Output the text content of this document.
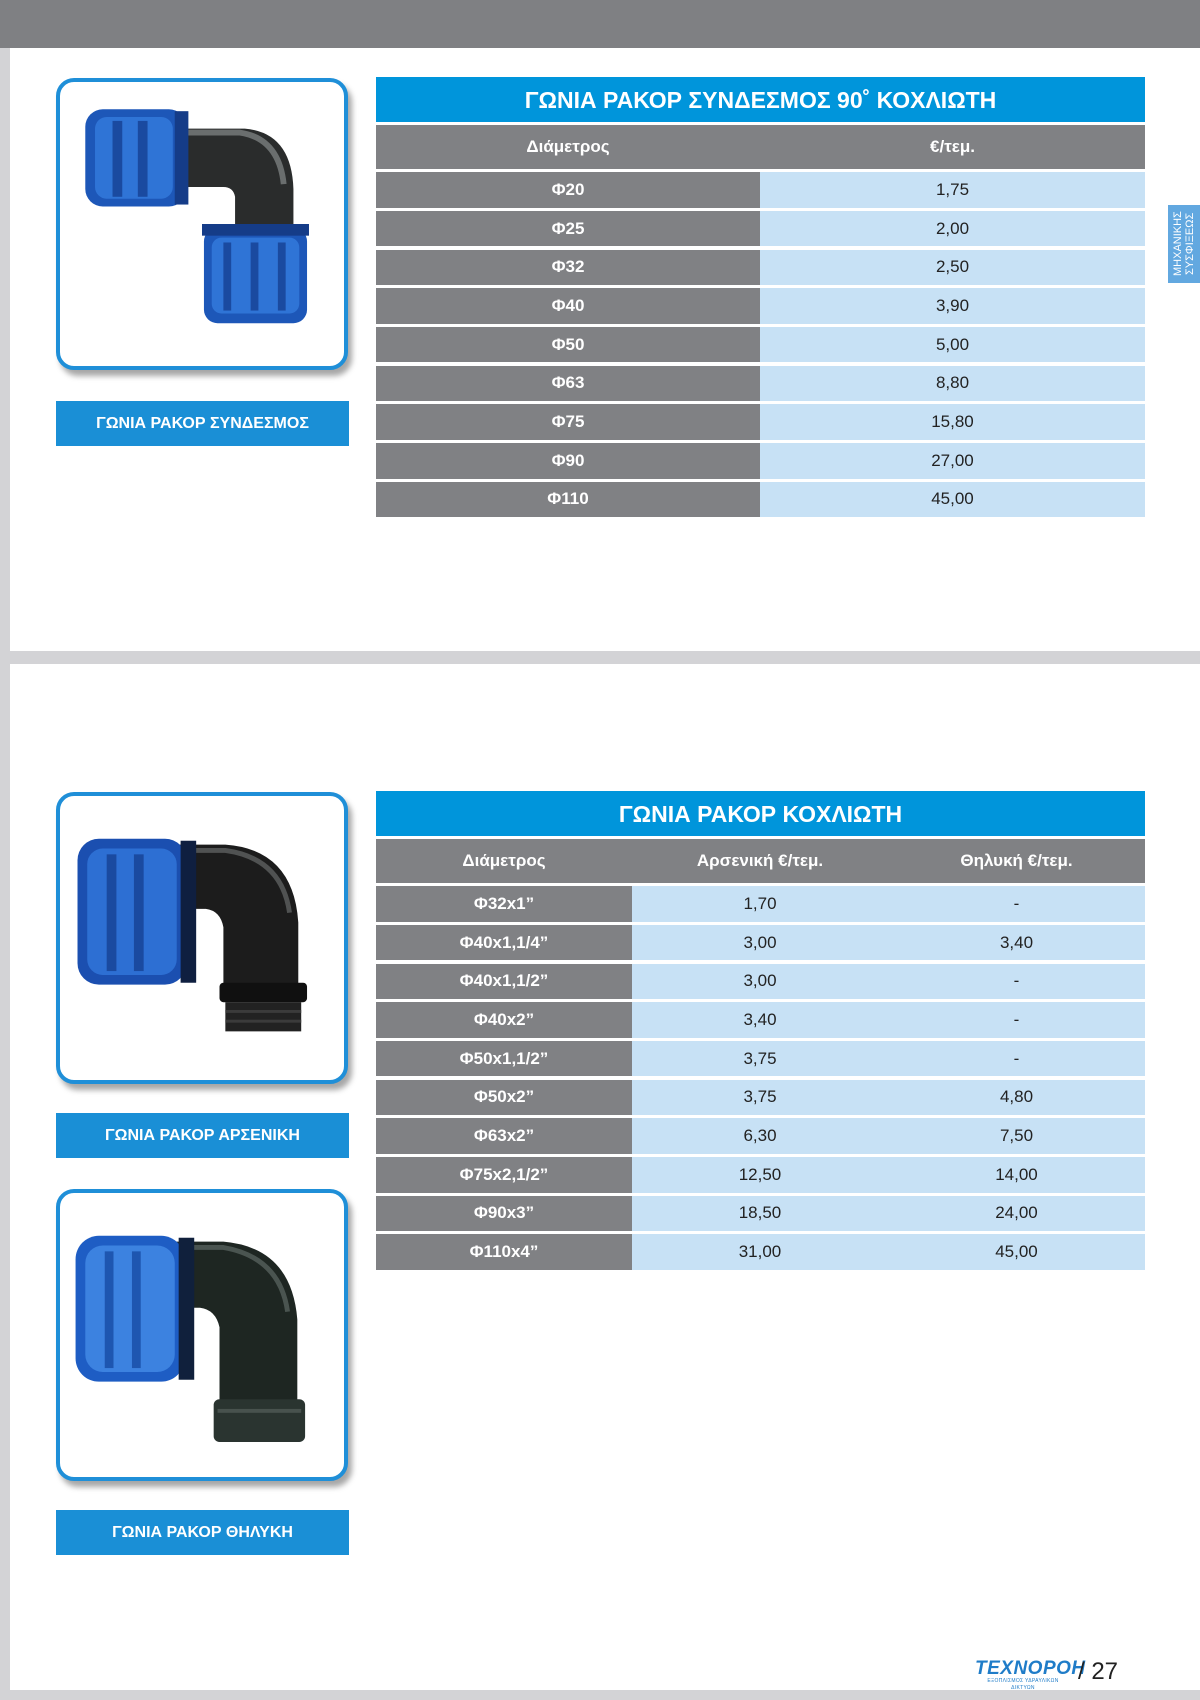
ΜΗΧΑΝΙΚΗΣ ΣΥΣΦΙΞΕΩΣ
ΓΩΝΙΑ ΡΑΚΟΡ ΣΥΝΔΕΣΜΟΣ
ΓΩΝΙΑ ΡΑΚΟΡ ΣΥΝΔΕΣΜΟΣ 90˚ ΚΟΧΛΙΩΤΗ
Διάμετρος	€/τεμ.
Φ20	1,75
Φ25	2,00
Φ32	2,50
Φ40	3,90
Φ50	5,00
Φ63	8,80
Φ75	15,80
Φ90	27,00
Φ110	45,00
ΓΩΝΙΑ ΡΑΚΟΡ ΑΡΣΕΝΙΚΗ
ΓΩΝΙΑ ΡΑΚΟΡ ΘΗΛΥΚΗ
ΓΩΝΙΑ ΡΑΚΟΡ ΚΟΧΛΙΩΤΗ
Διάμετρος	Αρσενική €/τεμ.	Θηλυκή €/τεμ.
Φ32x1”	1,70	-
Φ40x1,1/4”	3,00	3,40
Φ40x1,1/2”	3,00	-
Φ40x2”	3,40	-
Φ50x1,1/2”	3,75	-
Φ50x2”	3,75	4,80
Φ63x2”	6,30	7,50
Φ75x2,1/2”	12,50	14,00
Φ90x3”	18,50	24,00
Φ110x4”	31,00	45,00
ΤΕΧΝΟΡΟΗ
ΕΞΟΠΛΙΣΜΟΣ ΥΔΡΑΥΛΙΚΩΝ ΔΙΚΤΥΩΝ
/ 27
